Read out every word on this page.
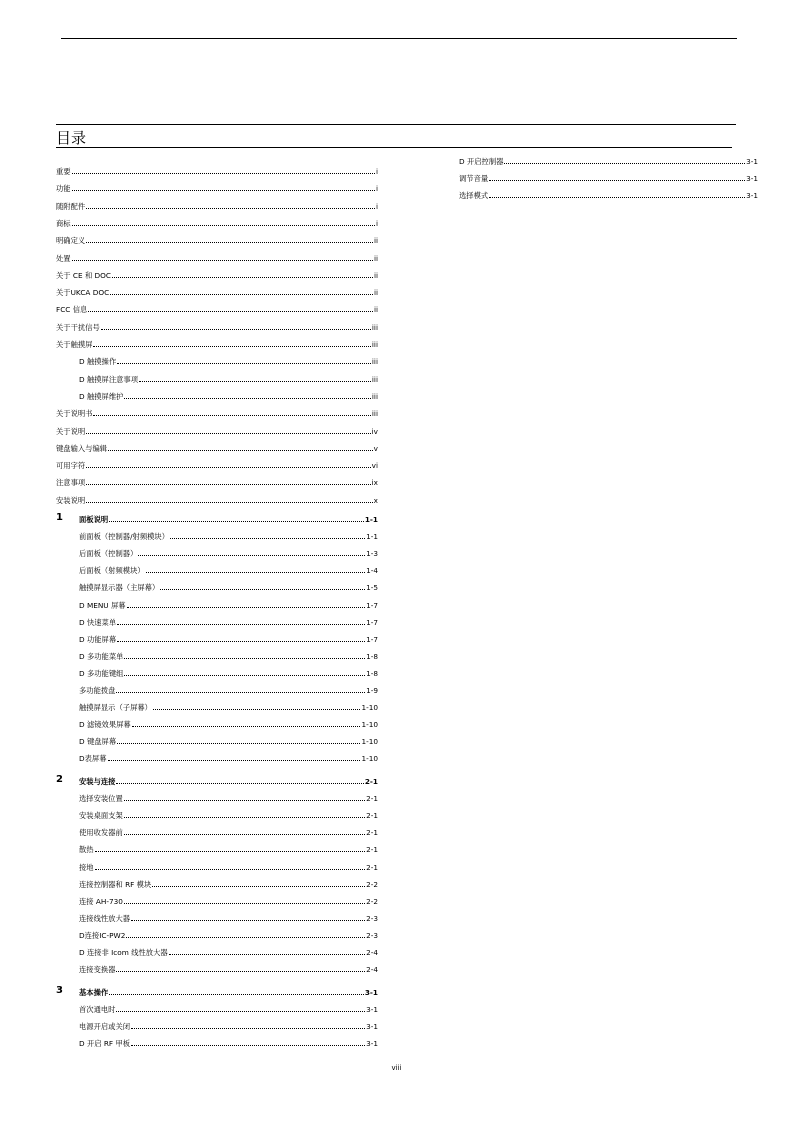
目录
重要	i
功能	i
随附配件	i
商标	i
明确定义	ii
处置	ii
关于 CE 和 DOC	ii
关于UKCA DOC	ii
FCC 信息	ii
关于干扰信号	iii
关于触摸屏	iii
D 触摸操作	iii
D 触摸屏注意事项	iii
D 触摸屏维护	iii
关于说明书	iii
关于说明	iv
键盘输入与编辑	v
可用字符	vi
注意事项	ix
安装说明	x
1 面板说明	1-1
前面板（控制器/射频模块）	1-1
后面板（控制器）	1-3
后面板（射频模块）	1-4
触摸屏显示器（主屏幕）	1-5
D MENU 屏幕	1-7
D 快速菜单	1-7
D 功能屏幕	1-7
D 多功能菜单	1-8
D 多功能键组	1-8
多功能拨盘	1-9
触摸屏显示（子屏幕）	1-10
D 滤镜效果屏幕	1-10
D 键盘屏幕	1-10
D表屏幕	1-10
2 安装与连接	2-1
选择安装位置	2-1
安装桌面支架	2-1
使用收发器前	2-1
散热	2-1
接地	2-1
连接控制器和 RF 模块	2-2
连接 AH-730	2-2
连接线性放大器	2-3
D连接IC-PW2	2-3
D 连接非 Icom 线性放大器	2-4
连接变换器	2-4
3 基本操作	3-1
首次通电时	3-1
电源开启或关闭	3-1
D 开启 RF 甲板	3-1
D 开启控制器	3-1
调节音量	3-1
选择模式	3-1
viii
